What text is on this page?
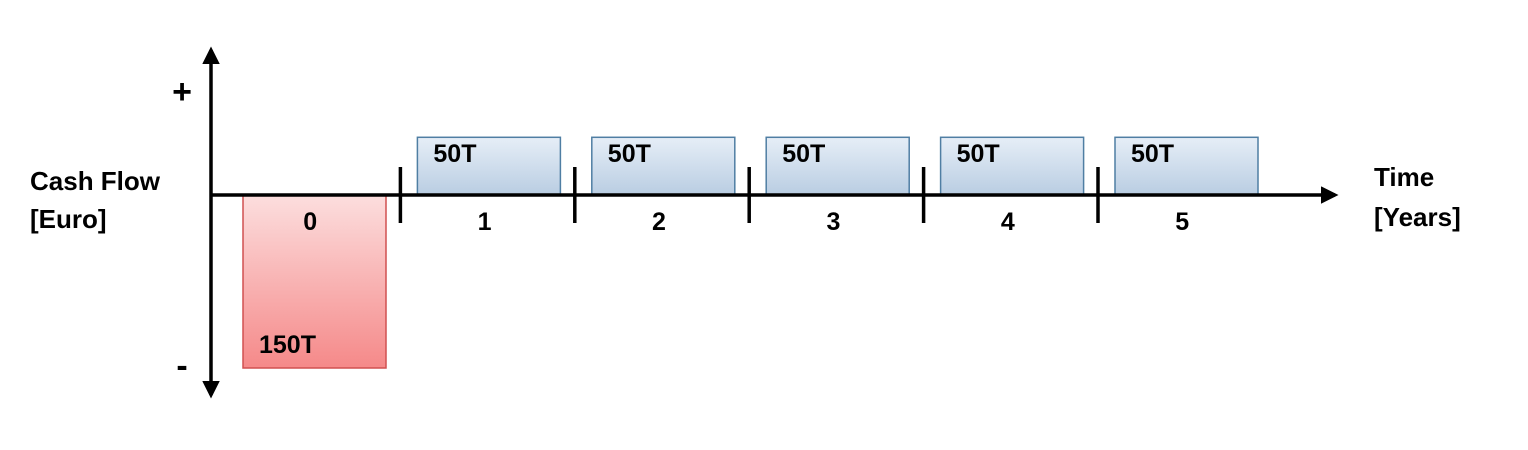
150T
0
50T
1
50T
2
50T
3
50T
4
50T
5
+
-
Cash Flow
[Euro]
Time
[Years]
